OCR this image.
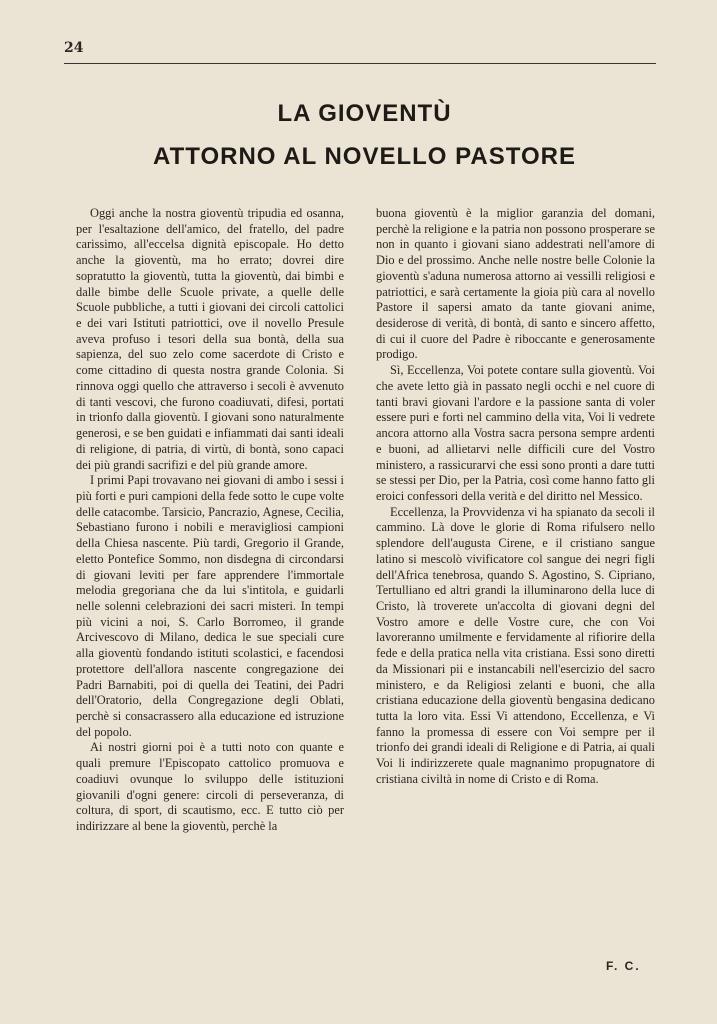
24
LA GIOVENTÙ
ATTORNO AL NOVELLO PASTORE

Oggi anche la nostra gioventù tripudia ed osanna, per l'esaltazione dell'amico, del fratello, del padre carissimo, all'eccelsa dignità episcopale. Ho detto anche la gioventù, ma ho errato; dovrei dire sopratutto la gioventù, tutta la gioventù, dai bimbi e dalle bimbe delle Scuole private, a quelle delle Scuole pubbliche, a tutti i giovani dei circoli cattolici e dei vari Istituti patriottici, ove il novello Presule aveva profuso i tesori della sua bontà, della sua sapienza, del suo zelo come sacerdote di Cristo e come cittadino di questa nostra grande Colonia. Si rinnova oggi quello che attraverso i secoli è avvenuto di tanti vescovi, che furono coadiuvati, difesi, portati in trionfo dalla gioventù. I giovani sono naturalmente generosi, e se ben guidati e infiammati dai santi ideali di religione, di patria, di virtù, di bontà, sono capaci dei più grandi sacrifizi e del più grande amore.

I primi Papi trovavano nei giovani di ambo i sessi i più forti e puri campioni della fede sotto le cupe volte delle catacombe. Tarsicio, Pancrazio, Agnese, Cecilia, Sebastiano furono i nobili e meravigliosi campioni della Chiesa nascente. Più tardi, Gregorio il Grande, eletto Pontefice Sommo, non disdegna di circondarsi di giovani leviti per fare apprendere l'immortale melodia gregoriana che da lui s'intitola, e guidarli nelle solenni celebrazioni dei sacri misteri. In tempi più vicini a noi, S. Carlo Borromeo, il grande Arcivescovo di Milano, dedica le sue speciali cure alla gioventù fondando istituti scolastici, e facendosi protettore dell'allora nascente congregazione dei Padri Barnabiti, poi di quella dei Teatini, dei Padri dell'Oratorio, della Congregazione degli Oblati, perchè si consacrassero alla educazione ed istruzione del popolo.

Ai nostri giorni poi è a tutti noto con quante e quali premure l'Episcopato cattolico promuova e coadiuvi ovunque lo sviluppo delle istituzioni giovanili d'ogni genere: circoli di perseveranza, di coltura, di sport, di scautismo, ecc. E tutto ciò per indirizzare al bene la gioventù, perchè la

buona gioventù è la miglior garanzia del domani, perchè la religione e la patria non possono prosperare se non in quanto i giovani siano addestrati nell'amore di Dio e del prossimo. Anche nelle nostre belle Colonie la gioventù s'aduna numerosa attorno ai vessilli religiosi e patriottici, e sarà certamente la gioia più cara al novello Pastore il sapersi amato da tante giovani anime, desiderose di verità, di bontà, di santo e sincero affetto, di cui il cuore del Padre è riboccante e generosamente prodigo.

Sì, Eccellenza, Voi potete contare sulla gioventù. Voi che avete letto già in passato negli occhi e nel cuore di tanti bravi giovani l'ardore e la passione santa di voler essere puri e forti nel cammino della vita, Voi li vedrete ancora attorno alla Vostra sacra persona sempre ardenti e buoni, ad allietarvi nelle difficili cure del Vostro ministero, a rassicurarvi che essi sono pronti a dare tutti se stessi per Dio, per la Patria, così come hanno fatto gli eroici confessori della verità e del diritto nel Messico.

Eccellenza, la Provvidenza vi ha spianato da secoli il cammino. Là dove le glorie di Roma rifulsero nello splendore dell'augusta Cirene, e il cristiano sangue latino si mescolò vivificatore col sangue dei negri figli dell'Africa tenebrosa, quando S. Agostino, S. Cipriano, Tertulliano ed altri grandi la illuminarono della luce di Cristo, là troverete un'accolta di giovani degni del Vostro amore e delle Vostre cure, che con Voi lavoreranno umilmente e fervidamente al rifiorire della fede e della pratica nella vita cristiana. Essi sono diretti da Missionari pii e instancabili nell'esercizio del sacro ministero, e da Religiosi zelanti e buoni, che alla cristiana educazione della gioventù bengasina dedicano tutta la loro vita. Essi Vi attendono, Eccellenza, e Vi fanno la promessa di essere con Voi sempre per il trionfo dei grandi ideali di Religione e di Patria, ai quali Voi li indirizzerete quale magnanimo propugnatore di cristiana civiltà in nome di Cristo e di Roma.

F. C.
